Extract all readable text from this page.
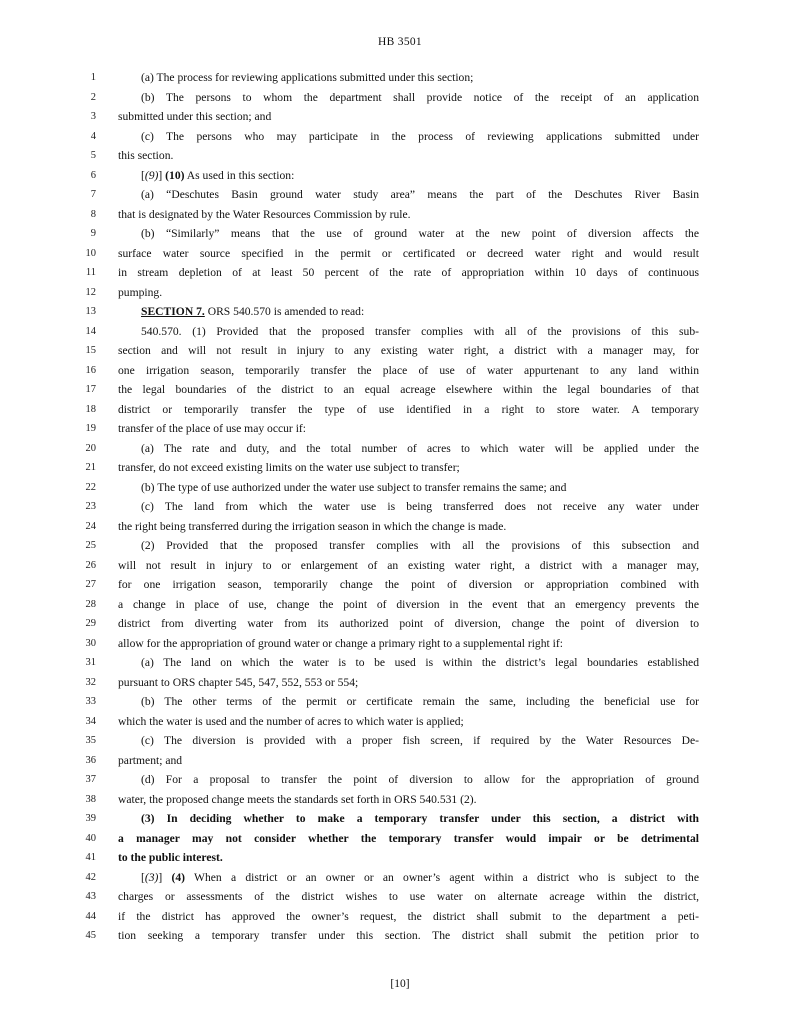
HB 3501
1	(a) The process for reviewing applications submitted under this section;
2	(b) The persons to whom the department shall provide notice of the receipt of an application
3 submitted under this section; and
4	(c) The persons who may participate in the process of reviewing applications submitted under
5 this section.
6	[(9)] (10) As used in this section:
7	(a) “Deschutes Basin ground water study area” means the part of the Deschutes River Basin
8 that is designated by the Water Resources Commission by rule.
9	(b) “Similarly” means that the use of ground water at the new point of diversion affects the
10 surface water source specified in the permit or certificated or decreed water right and would result
11 in stream depletion of at least 50 percent of the rate of appropriation within 10 days of continuous
12 pumping.
13	SECTION 7. ORS 540.570 is amended to read:
14	540.570. (1) Provided that the proposed transfer complies with all of the provisions of this sub-
15 section and will not result in injury to any existing water right, a district with a manager may, for
16 one irrigation season, temporarily transfer the place of use of water appurtenant to any land within
17 the legal boundaries of the district to an equal acreage elsewhere within the legal boundaries of that
18 district or temporarily transfer the type of use identified in a right to store water. A temporary
19 transfer of the place of use may occur if:
20	(a) The rate and duty, and the total number of acres to which water will be applied under the
21 transfer, do not exceed existing limits on the water use subject to transfer;
22	(b) The type of use authorized under the water use subject to transfer remains the same; and
23	(c) The land from which the water use is being transferred does not receive any water under
24 the right being transferred during the irrigation season in which the change is made.
25	(2) Provided that the proposed transfer complies with all the provisions of this subsection and
26 will not result in injury to or enlargement of an existing water right, a district with a manager may,
27 for one irrigation season, temporarily change the point of diversion or appropriation combined with
28 a change in place of use, change the point of diversion in the event that an emergency prevents the
29 district from diverting water from its authorized point of diversion, change the point of diversion to
30 allow for the appropriation of ground water or change a primary right to a supplemental right if:
31	(a) The land on which the water is to be used is within the district’s legal boundaries established
32 pursuant to ORS chapter 545, 547, 552, 553 or 554;
33	(b) The other terms of the permit or certificate remain the same, including the beneficial use for
34 which the water is used and the number of acres to which water is applied;
35	(c) The diversion is provided with a proper fish screen, if required by the Water Resources De-
36 partment; and
37	(d) For a proposal to transfer the point of diversion to allow for the appropriation of ground
38 water, the proposed change meets the standards set forth in ORS 540.531 (2).
39	(3) In deciding whether to make a temporary transfer under this section, a district with
40 a manager may not consider whether the temporary transfer would impair or be detrimental
41 to the public interest.
42	[(3)] (4) When a district or an owner or an owner’s agent within a district who is subject to the
43 charges or assessments of the district wishes to use water on alternate acreage within the district,
44 if the district has approved the owner’s request, the district shall submit to the department a peti-
45 tion seeking a temporary transfer under this section. The district shall submit the petition prior to
[10]
